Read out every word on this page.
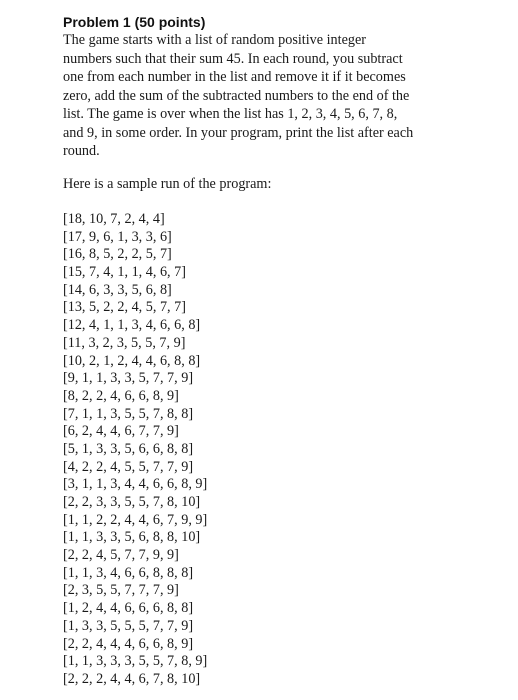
Problem 1 (50 points)
The game starts with a list of random positive integer
numbers such that their sum 45. In each round, you subtract
one from each number in the list and remove it if it becomes
zero, add the sum of the subtracted numbers to the end of the
list. The game is over when the list has 1, 2, 3, 4, 5, 6, 7, 8,
and 9, in some order. In your program, print the list after each
round.

Here is a sample run of the program:

[18, 10, 7, 2, 4, 4]
[17, 9, 6, 1, 3, 3, 6]
[16, 8, 5, 2, 2, 5, 7]
[15, 7, 4, 1, 1, 4, 6, 7]
[14, 6, 3, 3, 5, 6, 8]
[13, 5, 2, 2, 4, 5, 7, 7]
[12, 4, 1, 1, 3, 4, 6, 6, 8]
[11, 3, 2, 3, 5, 5, 7, 9]
[10, 2, 1, 2, 4, 4, 6, 8, 8]
[9, 1, 1, 3, 3, 5, 7, 7, 9]
[8, 2, 2, 4, 6, 6, 8, 9]
[7, 1, 1, 3, 5, 5, 7, 8, 8]
[6, 2, 4, 4, 6, 7, 7, 9]
[5, 1, 3, 3, 5, 6, 6, 8, 8]
[4, 2, 2, 4, 5, 5, 7, 7, 9]
[3, 1, 1, 3, 4, 4, 6, 6, 8, 9]
[2, 2, 3, 3, 5, 5, 7, 8, 10]
[1, 1, 2, 2, 4, 4, 6, 7, 9, 9]
[1, 1, 3, 3, 5, 6, 8, 8, 10]
[2, 2, 4, 5, 7, 7, 9, 9]
[1, 1, 3, 4, 6, 6, 8, 8, 8]
[2, 3, 5, 5, 7, 7, 7, 9]
[1, 2, 4, 4, 6, 6, 6, 8, 8]
[1, 3, 3, 5, 5, 5, 7, 7, 9]
[2, 2, 4, 4, 4, 6, 6, 8, 9]
[1, 1, 3, 3, 3, 5, 5, 7, 8, 9]
[2, 2, 2, 4, 4, 6, 7, 8, 10]
